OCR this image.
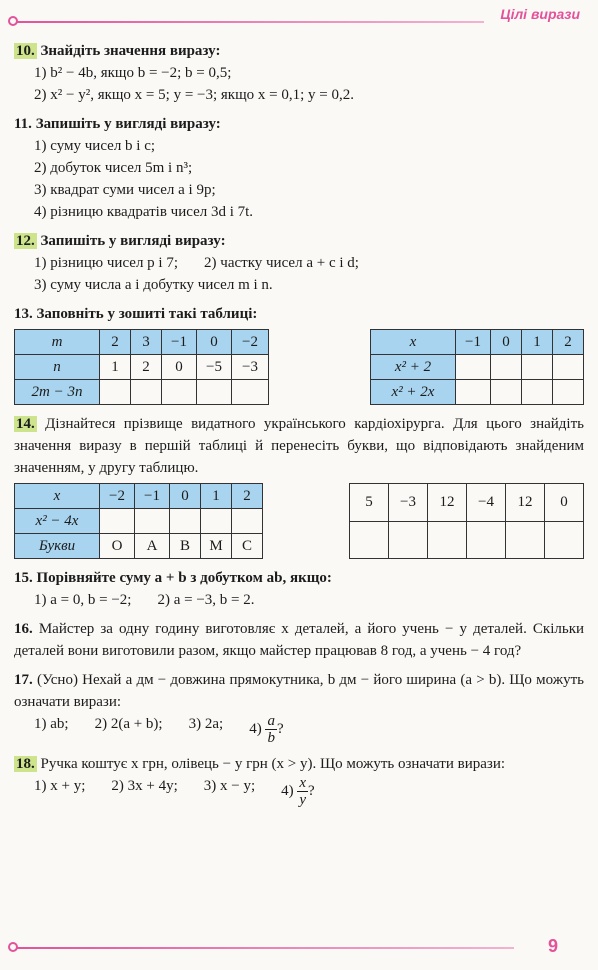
Цілі вирази
10. Знайдіть значення виразу:
1) b² − 4b, якщо b = −2; b = 0,5;
2) x² − y², якщо x = 5; y = −3; якщо x = 0,1; y = 0,2.
11. Запишіть у вигляді виразу:
1) суму чисел b і c;
2) добуток чисел 5m і n³;
3) квадрат суми чисел a і 9p;
4) різницю квадратів чисел 3d і 7t.
12. Запишіть у вигляді виразу:
1) різницю чисел p і 7; 2) частку чисел a + c і d;
3) суму числа a і добутку чисел m і n.
13. Заповніть у зошиті такі таблиці:
m	2	3	−1	0	−2
n	1	2	0	−5	−3
2m − 3n					
x	−1	0	1	2
x² + 2				
x² + 2x				
14. Дізнайтеся прізвище видатного українського кардіохірурга. Для цього знайдіть значення виразу в першій таблиці й перенесіть букви, що відповідають знайденим значенням, у другу таблицю.
x	−2	−1	0	1	2
x² − 4x					
Букви	O	A	B	M	C
5	−3	12	−4	12	0

15. Порівняйте суму a + b з добутком ab, якщо:
1) a = 0, b = −2; 2) a = −3, b = 2.
16. Майстер за одну годину виготовляє x деталей, а його учень − y деталей. Скільки деталей вони виготовили разом, якщо майстер працював 8 год, а учень − 4 год?
17. (Усно) Нехай a дм − довжина прямокутника, b дм − його ширина (a > b). Що можуть означати вирази:
1) ab; 2) 2(a + b); 3) 2a; $4) \frac{a}{b}$ ?
18. Ручка коштує x грн, олівець − y грн (x > y). Що можуть означати вирази:
1) x + y; 2) 3x + 4y; 3) x − y; $4) \frac{x}{y}$ ?
9
